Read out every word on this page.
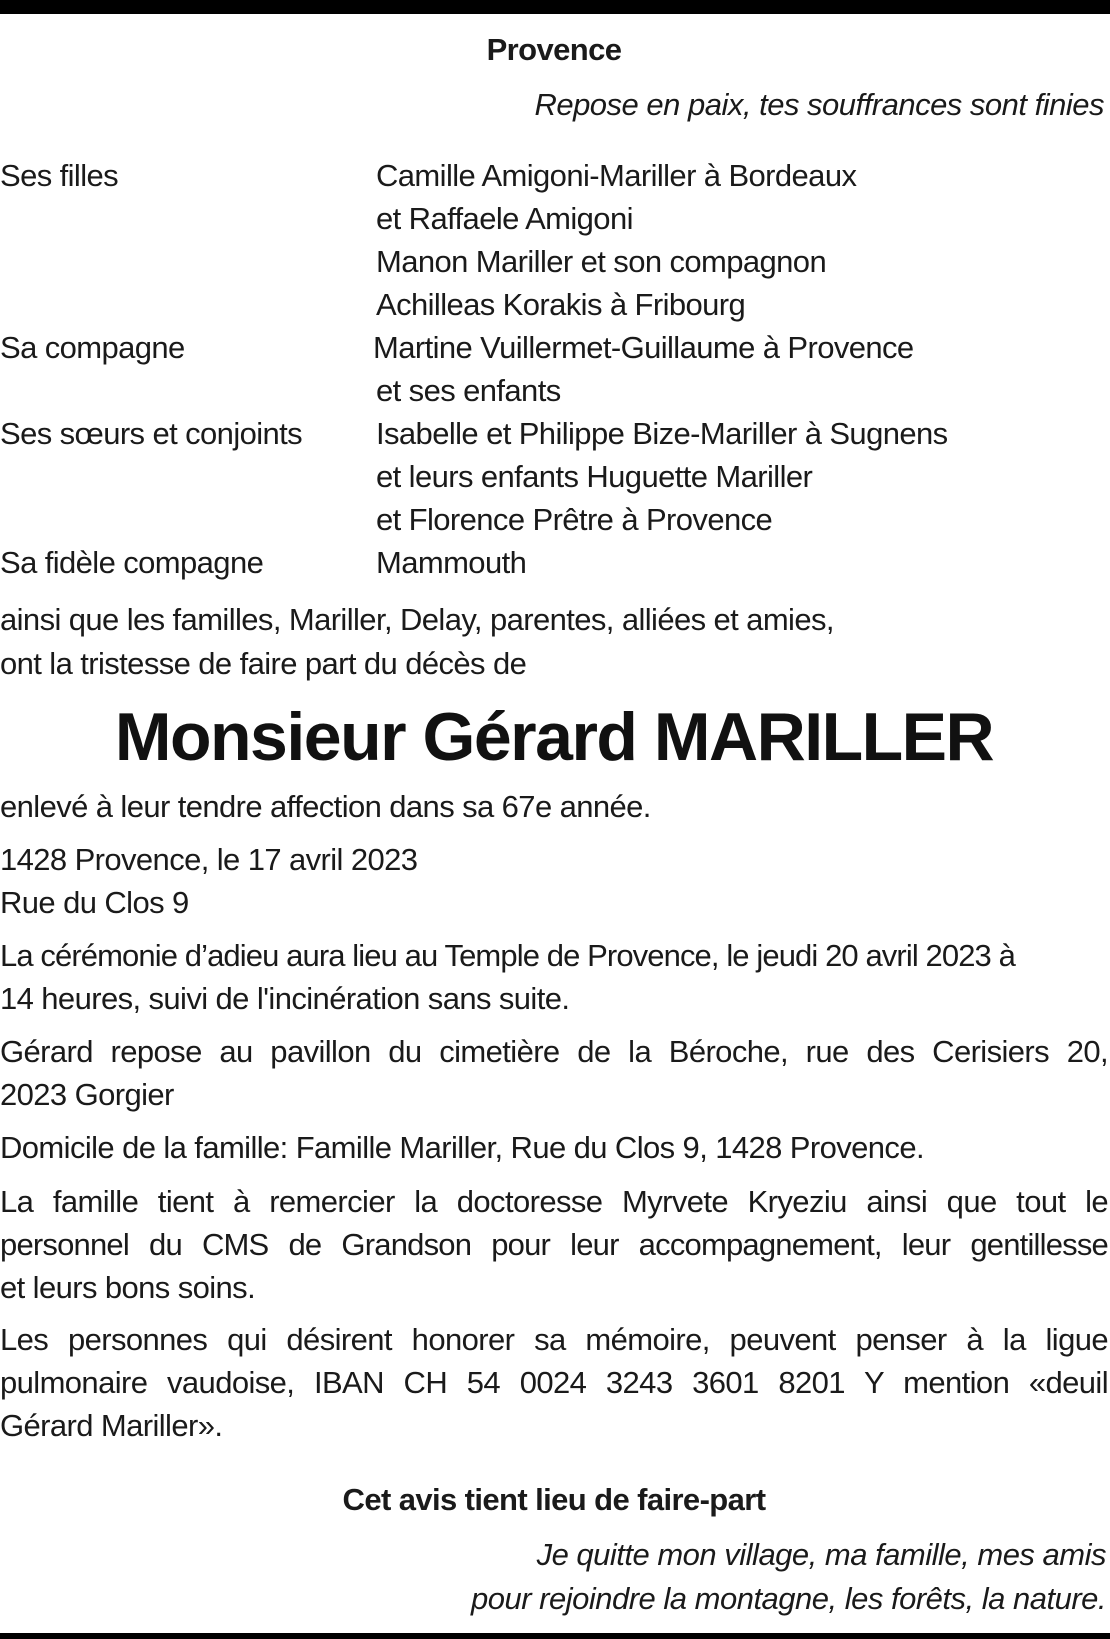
Provence
Repose en paix, tes souffrances sont finies
Ses filles	Camille Amigoni-Mariller à Bordeaux
et Raffaele Amigoni
Manon Mariller et son compagnon
Achilleas Korakis à Fribourg
Sa compagne	Martine Vuillermet-Guillaume à Provence
et ses enfants
Ses sœurs et conjoints	Isabelle et Philippe Bize-Mariller à Sugnens
et leurs enfants Huguette Mariller
et Florence Prêtre à Provence
Sa fidèle compagne	Mammouth
ainsi que les familles, Mariller, Delay, parentes, alliées et amies,
ont la tristesse de faire part du décès de
Monsieur Gérard MARILLER
enlevé à leur tendre affection dans sa 67e année.
1428 Provence, le 17 avril 2023
Rue du Clos 9
La cérémonie d’adieu aura lieu au Temple de Provence, le jeudi 20 avril 2023 à
14 heures, suivi de l'incinération sans suite.
Gérard repose au pavillon du cimetière de la Béroche, rue des Cerisiers 20,
2023 Gorgier
Domicile de la famille: Famille Mariller, Rue du Clos 9, 1428 Provence.
La famille tient à remercier la doctoresse Myrvete Kryeziu ainsi que tout le
personnel du CMS de Grandson pour leur accompagnement, leur gentillesse
et leurs bons soins.
Les personnes qui désirent honorer sa mémoire, peuvent penser à la ligue
pulmonaire vaudoise, IBAN CH 54 0024 3243 3601 8201 Y mention «deuil
Gérard Mariller».
Cet avis tient lieu de faire-part
Je quitte mon village, ma famille, mes amis
pour rejoindre la montagne, les forêts, la nature.
